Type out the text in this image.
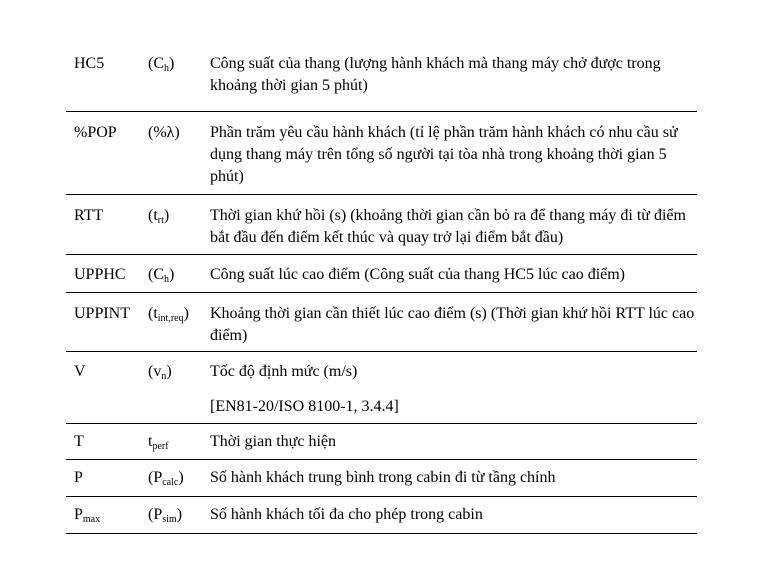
HC5	$(C_h)$ Công suất của thang (lượng hành khách mà thang máy chở được trong khoảng thời gian 5 phút)

%POP (%λ) Phần trăm yêu cầu hành khách (tỉ lệ phần trăm hành khách có nhu cầu sử dụng thang máy trên tổng số người tại tòa nhà trong khoảng thời gian 5 phút)

RTT	$(t_{rt})$	Thời gian khứ hồi (s) (khoảng thời gian cần bỏ ra để thang máy đi từ điểm bắt đầu đến điểm kết thúc và quay trở lại điểm bắt đầu)

UPPHC $(C_h)$ Công suất lúc cao điểm (Công suất của thang HC5 lúc cao điểm)

UPPINT $(t_{int,req})$ Khoảng thời gian cần thiết lúc cao điểm (s) (Thời gian khứ hồi RTT lúc cao điểm)

V	$(v_n)$ Tốc độ định mức (m/s)

[EN81-20/ISO 8100-1, 3.4.4]

T	$t_{perf}$	Thời gian thực hiện

P	$(P_{calc})$ Số hành khách trung bình trong cabin đi từ tầng chính

$P_{max}$	$(P_{sim})$ Số hành khách tối đa cho phép trong cabin
